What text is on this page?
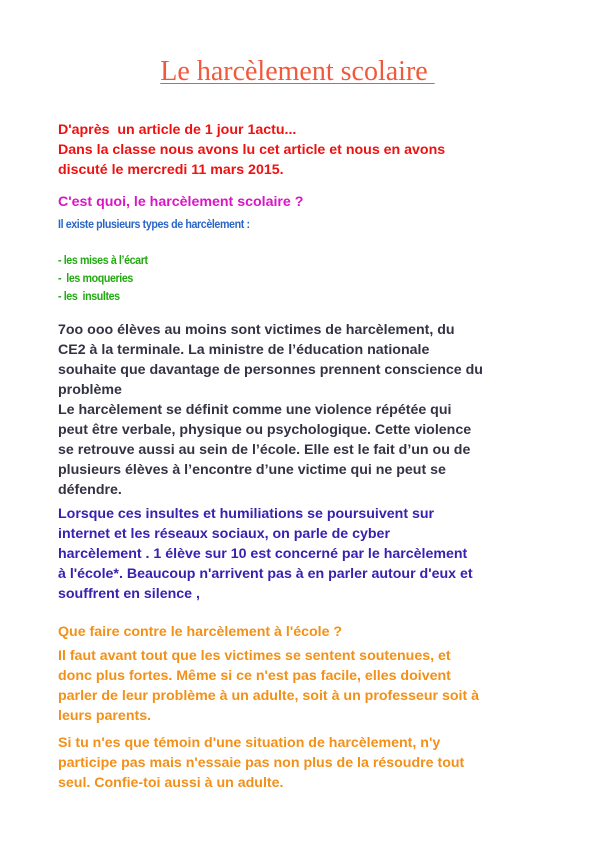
Le harcèlement scolaire
D'après  un article de 1 jour 1actu...
Dans la classe nous avons lu cet article et nous en avons
discuté le mercredi 11 mars 2015.
C'est quoi, le harcèlement scolaire ?
Il existe plusieurs types de harcèlement :
- les mises à l’écart
-  les moqueries
- les  insultes
7oo ooo élèves au moins sont victimes de harcèlement, du
CE2 à la terminale. La ministre de l’éducation nationale
souhaite que davantage de personnes prennent conscience du
problème
Le harcèlement se définit comme une violence répétée qui
peut être verbale, physique ou psychologique. Cette violence
se retrouve aussi au sein de l’école. Elle est le fait d’un ou de
plusieurs élèves à l’encontre d’une victime qui ne peut se
défendre.
Lorsque ces insultes et humiliations se poursuivent sur
internet et les réseaux sociaux, on parle de cyber
harcèlement . 1 élève sur 10 est concerné par le harcèlement
à l'école*. Beaucoup n'arrivent pas à en parler autour d'eux et
souffrent en silence ,
Que faire contre le harcèlement à l'école ?
Il faut avant tout que les victimes se sentent soutenues, et
donc plus fortes. Même si ce n'est pas facile, elles doivent
parler de leur problème à un adulte, soit à un professeur soit à
leurs parents.
Si tu n'es que témoin d'une situation de harcèlement, n'y
participe pas mais n'essaie pas non plus de la résoudre tout
seul. Confie-toi aussi à un adulte.
